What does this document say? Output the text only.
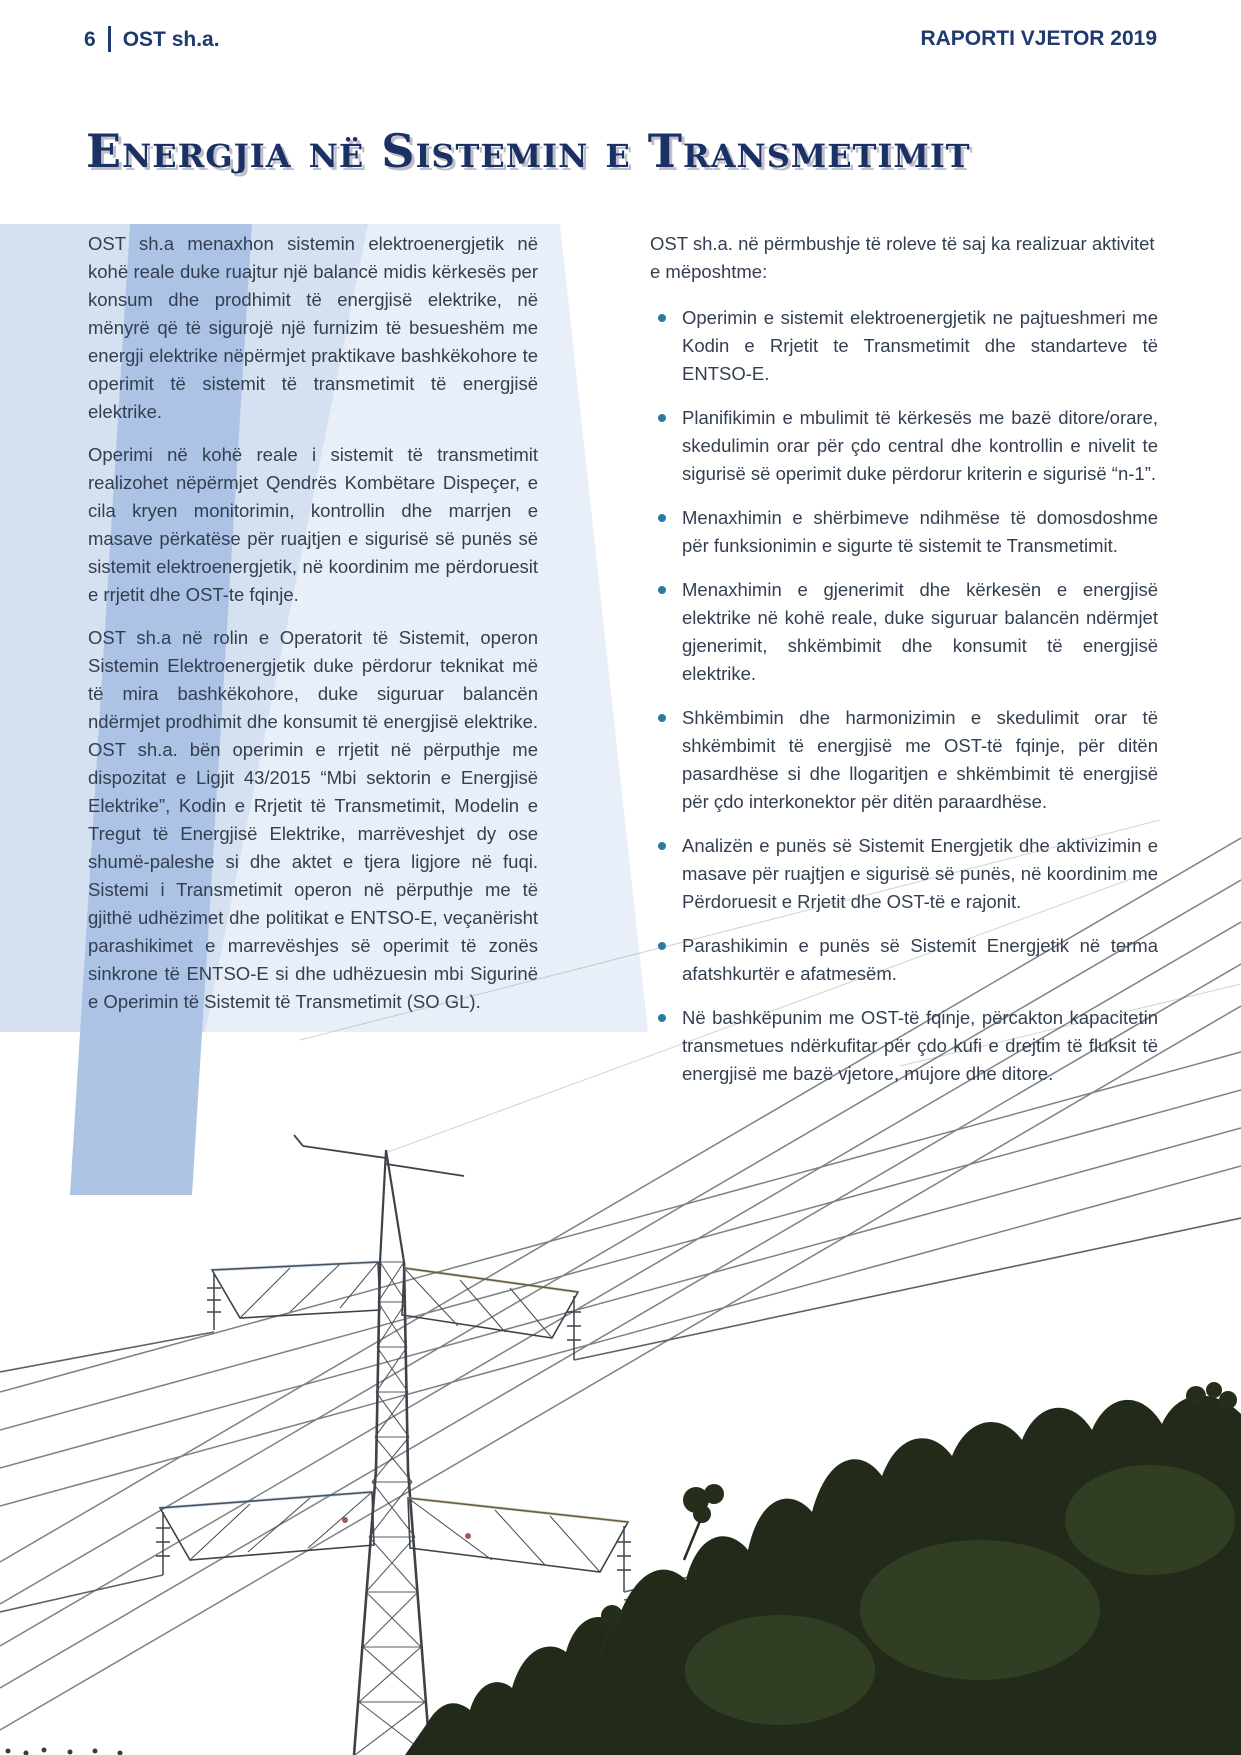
6 OST sh.a.	RAPORTI VJETOR 2019
Energjia në Sistemin e Transmetimit

OST sh.a menaxhon sistemin elektroenergjetik në kohë reale duke ruajtur një balancë midis kërkesës per konsum dhe prodhimit të energjisë elektrike, në mënyrë që të sigurojë një furnizim të besueshëm me energji elektrike nëpërmjet praktikave bashkëkohore te operimit të sistemit të transmetimit të energjisë elektrike.

Operimi në kohë reale i sistemit të transmetimit realizohet nëpërmjet Qendrës Kombëtare Dispeçer, e cila kryen monitorimin, kontrollin dhe marrjen e masave përkatëse për ruajtjen e sigurisë së punës së sistemit elektroenergjetik, në koordinim me përdoruesit e rrjetit dhe OST-te fqinje.

OST sh.a në rolin e Operatorit të Sistemit, operon Sistemin Elektroenergjetik duke përdorur teknikat më të mira bashkëkohore, duke siguruar balancën ndërmjet prodhimit dhe konsumit të energjisë elektrike. OST sh.a. bën operimin e rrjetit në përputhje me dispozitat e Ligjit 43/2015 “Mbi sektorin e Energjisë Elektrike”, Kodin e Rrjetit të Transmetimit, Modelin e Tregut të Energjisë Elektrike, marrëveshjet dy ose shumë-paleshe si dhe aktet e tjera ligjore në fuqi. Sistemi i Transmetimit operon në përputhje me të gjithë udhëzimet dhe politikat e ENTSO-E, veçanërisht parashikimet e marrevëshjes së operimit të zonës sinkrone të ENTSO-E si dhe udhëzuesin mbi Sigurinë e Operimin të Sistemit të Transmetimit (SO GL).

OST sh.a. në përmbushje të roleve të saj ka realizuar aktivitet e mëposhtme:

Operimin e sistemit elektroenergjetik ne pajtueshmeri me Kodin e Rrjetit te Transmetimit dhe standarteve të ENTSO-E.
Planifikimin e mbulimit të kërkesës me bazë ditore/orare, skedulimin orar për çdo central dhe kontrollin e nivelit te sigurisë së operimit duke përdorur kriterin e sigurisë “n-1”.
Menaxhimin e shërbimeve ndihmëse të domosdoshme për funksionimin e sigurte të sistemit te Transmetimit.
Menaxhimin e gjenerimit dhe kërkesën e energjisë elektrike në kohë reale, duke siguruar balancën ndërmjet gjenerimit, shkëmbimit dhe konsumit të energjisë elektrike.
Shkëmbimin dhe harmonizimin e skedulimit orar të shkëmbimit të energjisë me OST-të fqinje, për ditën pasardhëse si dhe llogaritjen e shkëmbimit të energjisë për çdo interkonektor për ditën paraardhëse.
Analizën e punës së Sistemit Energjetik dhe aktivizimin e masave për ruajtjen e sigurisë së punës, në koordinim me Përdoruesit e Rrjetit dhe OST-të e rajonit.
Parashikimin e punës së Sistemit Energjetik në terma afatshkurtër e afatmesëm.
Në bashkëpunim me OST-të fqinje, përcakton kapacitetin transmetues ndërkufitar për çdo kufi e drejtim të fluksit të energjisë me bazë vjetore, mujore dhe ditore.
